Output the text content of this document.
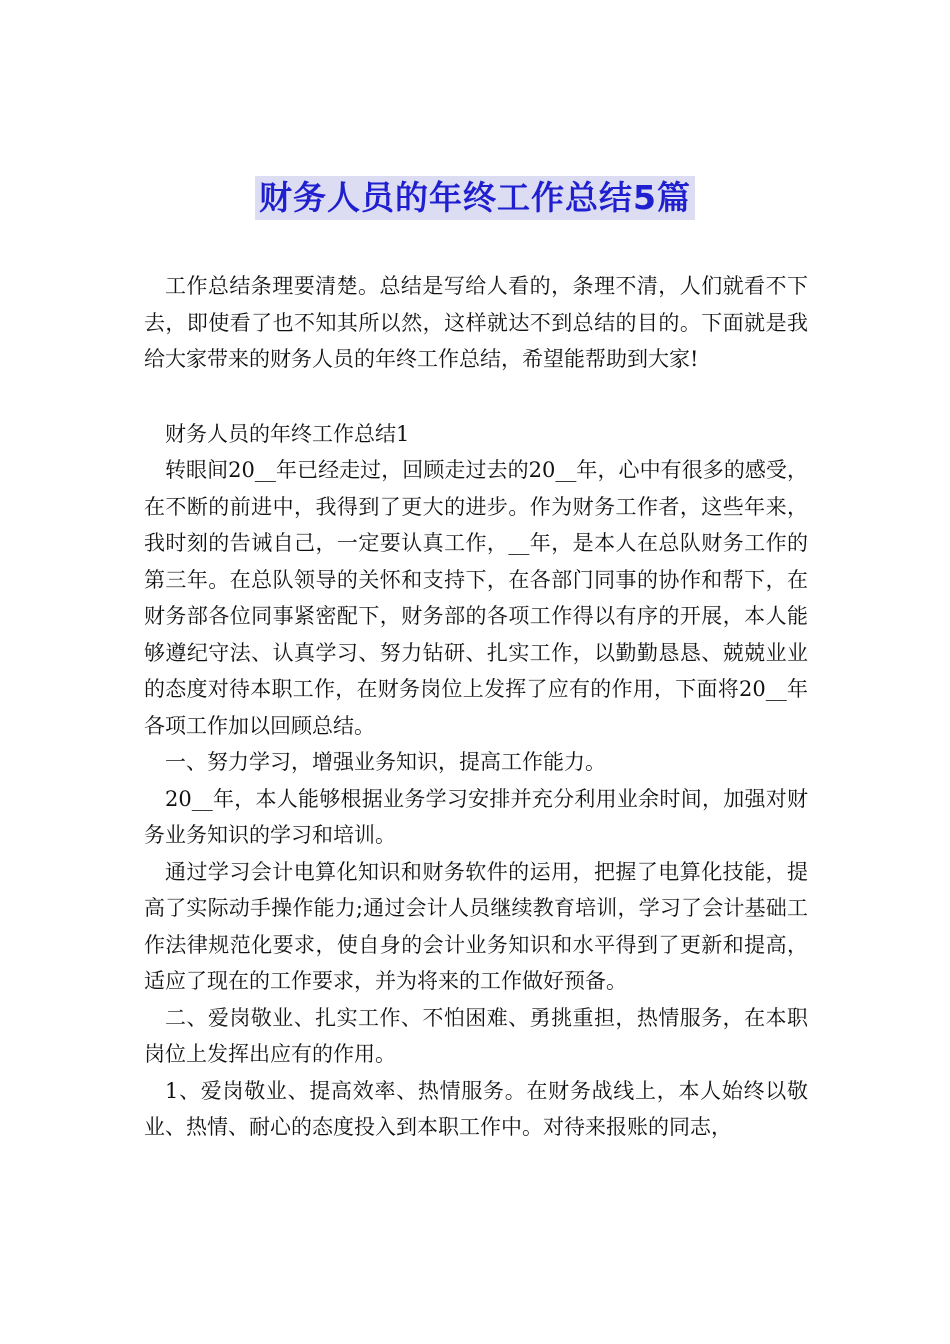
财务人员的年终工作总结5篇

工作总结条理要清楚。总结是写给人看的，条理不清，人们就看不下去，即使看了也不知其所以然，这样就达不到总结的目的。下面就是我给大家带来的财务人员的年终工作总结，希望能帮助到大家!

财务人员的年终工作总结1

转眼间20__年已经走过，回顾走过去的20__年，心中有很多的感受，在不断的前进中，我得到了更大的进步。作为财务工作者，这些年来，我时刻的告诫自己，一定要认真工作，__年，是本人在总队财务工作的第三年。在总队领导的关怀和支持下，在各部门同事的协作和帮下，在财务部各位同事紧密配下，财务部的各项工作得以有序的开展，本人能够遵纪守法、认真学习、努力钻研、扎实工作，以勤勤恳恳、兢兢业业的态度对待本职工作，在财务岗位上发挥了应有的作用，下面将20__年各项工作加以回顾总结。

一、努力学习，增强业务知识，提高工作能力。

20__年，本人能够根据业务学习安排并充分利用业余时间，加强对财务业务知识的学习和培训。

通过学习会计电算化知识和财务软件的运用，把握了电算化技能，提高了实际动手操作能力;通过会计人员继续教育培训，学习了会计基础工作法律规范化要求，使自身的会计业务知识和水平得到了更新和提高，适应了现在的工作要求，并为将来的工作做好预备。

二、爱岗敬业、扎实工作、不怕困难、勇挑重担，热情服务，在本职岗位上发挥出应有的作用。

1、爱岗敬业、提高效率、热情服务。在财务战线上，本人始终以敬业、热情、耐心的态度投入到本职工作中。对待来报账的同志，
